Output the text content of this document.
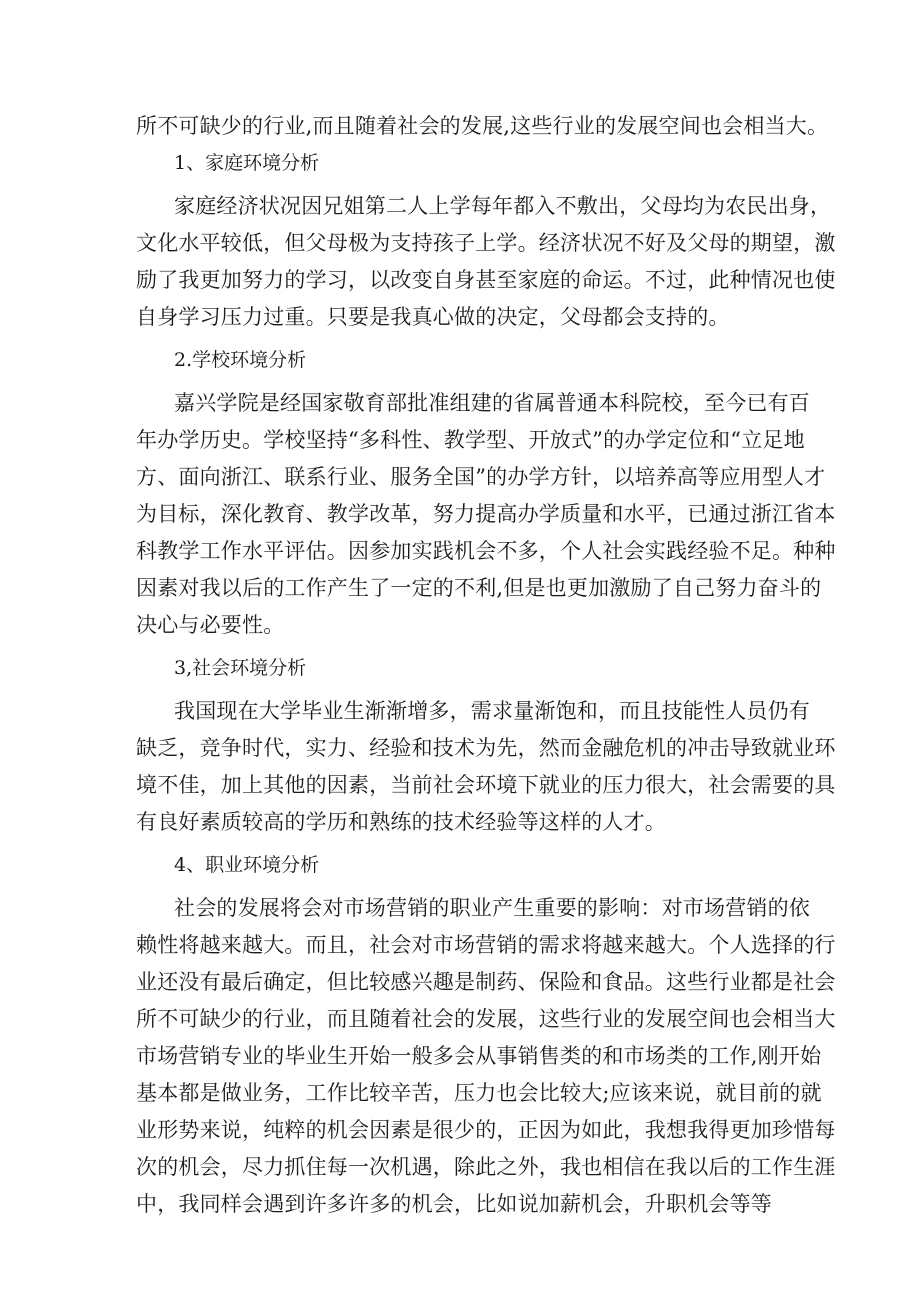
所不可缺少的行业,而且随着社会的发展,这些行业的发展空间也会相当大。
1、家庭环境分析
家庭经济状况因兄姐第二人上学每年都入不敷出，父母均为农民出身，
文化水平较低，但父母极为支持孩子上学。经济状况不好及父母的期望，激
励了我更加努力的学习，以改变自身甚至家庭的命运。不过，此种情况也使
自身学习压力过重。只要是我真心做的决定，父母都会支持的。
2.学校环境分析
嘉兴学院是经国家敬育部批准组建的省属普通本科院校，至今已有百
年办学历史。学校坚持“多科性、教学型、开放式”的办学定位和“立足地
方、面向浙江、联系行业、服务全国”的办学方针，以培养高等应用型人才
为目标，深化教育、教学改革，努力提高办学质量和水平，已通过浙江省本
科教学工作水平评估。因参加实践机会不多，个人社会实践经验不足。种种
因素对我以后的工作产生了一定的不利,但是也更加激励了自己努力奋斗的
决心与必要性。
3,社会环境分析
我国现在大学毕业生渐渐增多，需求量渐饱和，而且技能性人员仍有
缺乏，竞争时代，实力、经验和技术为先，然而金融危机的冲击导致就业环
境不佳，加上其他的因素，当前社会环境下就业的压力很大，社会需要的具
有良好素质较高的学历和熟练的技术经验等这样的人才。
4、职业环境分析
社会的发展将会对市场营销的职业产生重要的影响：对市场营销的依
赖性将越来越大。而且，社会对市场营销的需求将越来越大。个人选择的行
业还没有最后确定，但比较感兴趣是制药、保险和食品。这些行业都是社会
所不可缺少的行业，而且随着社会的发展，这些行业的发展空间也会相当大
市场营销专业的毕业生开始一般多会从事销售类的和市场类的工作,刚开始
基本都是做业务，工作比较辛苦，压力也会比较大;应该来说，就目前的就
业形势来说，纯粹的机会因素是很少的，正因为如此，我想我得更加珍惜每
次的机会，尽力抓住每一次机遇，除此之外，我也相信在我以后的工作生涯
中，我同样会遇到许多许多的机会，比如说加薪机会，升职机会等等
